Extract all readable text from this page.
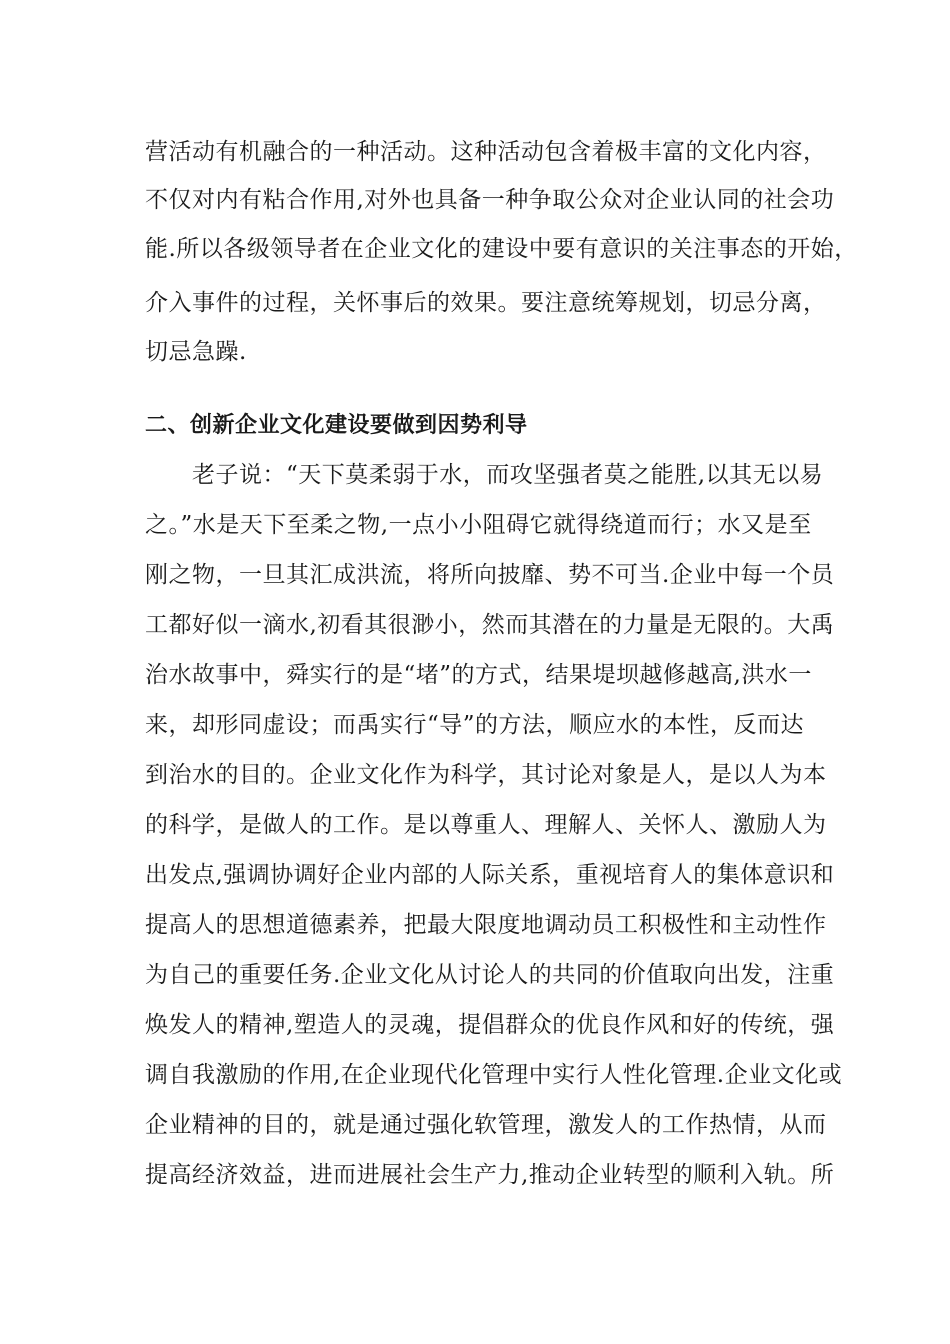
营活动有机融合的一种活动。这种活动包含着极丰富的文化内容，
不仅对内有粘合作用,对外也具备一种争取公众对企业认同的社会功
能.所以各级领导者在企业文化的建设中要有意识的关注事态的开始，
介入事件的过程，关怀事后的效果。要注意统筹规划，切忌分离，
切忌急躁.
二、创新企业文化建设要做到因势利导
老子说：“天下莫柔弱于水，而攻坚强者莫之能胜,以其无以易
之。”水是天下至柔之物,一点小小阻碍它就得绕道而行；水又是至
刚之物，一旦其汇成洪流，将所向披靡、势不可当.企业中每一个员
工都好似一滴水,初看其很渺小，然而其潜在的力量是无限的。大禹
治水故事中，舜实行的是“堵”的方式，结果堤坝越修越高,洪水一
来，却形同虚设；而禹实行“导”的方法，顺应水的本性，反而达
到治水的目的。企业文化作为科学，其讨论对象是人，是以人为本
的科学，是做人的工作。是以尊重人、理解人、关怀人、激励人为
出发点,强调协调好企业内部的人际关系，重视培育人的集体意识和
提高人的思想道德素养，把最大限度地调动员工积极性和主动性作
为自己的重要任务.企业文化从讨论人的共同的价值取向出发，注重
焕发人的精神,塑造人的灵魂，提倡群众的优良作风和好的传统，强
调自我激励的作用,在企业现代化管理中实行人性化管理.企业文化或
企业精神的目的，就是通过强化软管理，激发人的工作热情，从而
提高经济效益，进而进展社会生产力,推动企业转型的顺利入轨。所
